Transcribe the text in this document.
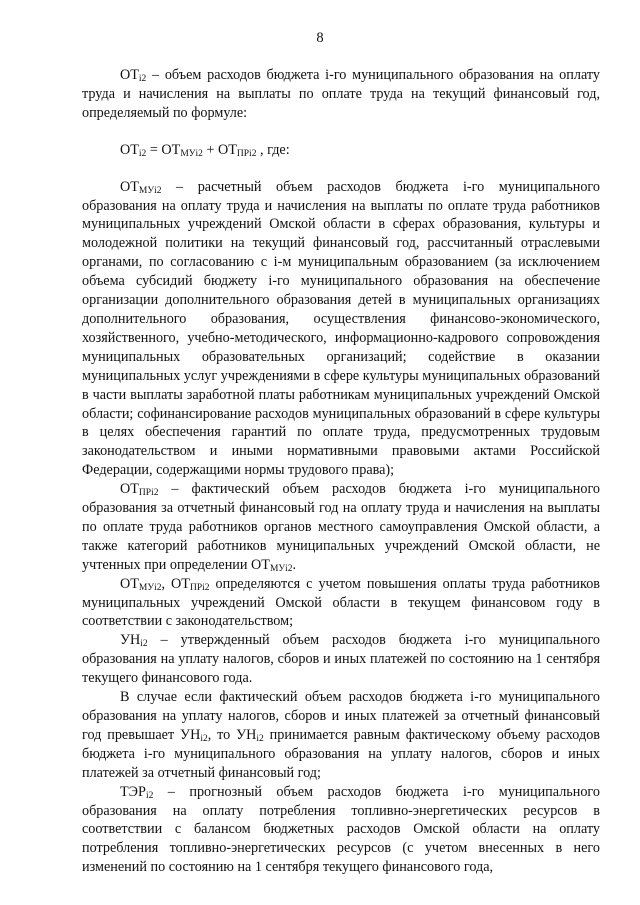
8

$ОТ_{i2}$ – объем расходов бюджета i-го муниципального образования на оплату труда и начисления на выплаты по оплате труда на текущий финансовый год, определяемый по формуле:

$ОТ_{i2} = ОТ_{МУi2} + ОТ_{ПРi2}$ , где:

$ОТ_{МУi2}$ – расчетный объем расходов бюджета i-го муниципального образования на оплату труда и начисления на выплаты по оплате труда работников муниципальных учреждений Омской области в сферах образования, культуры и молодежной политики на текущий финансовый год, рассчитанный отраслевыми органами, по согласованию с i-м муниципальным образованием (за исключением объема субсидий бюджету i-го муниципального образования на обеспечение организации дополнительного образования детей в муниципальных организациях дополнительного образования, осуществления финансово-экономического, хозяйственного, учебно-методического, информационно-кадрового сопровождения муниципальных образовательных организаций; содействие в оказании муниципальных услуг учреждениями в сфере культуры муниципальных образований в части выплаты заработной платы работникам муниципальных учреждений Омской области; софинансирование расходов муниципальных образований в сфере культуры в целях обеспечения гарантий по оплате труда, предусмотренных трудовым законодательством и иными нормативными правовыми актами Российской Федерации, содержащими нормы трудового права);

$ОТ_{ПРi2}$ – фактический объем расходов бюджета i-го муниципального образования за отчетный финансовый год на оплату труда и начисления на выплаты по оплате труда работников органов местного самоуправления Омской области, а также категорий работников муниципальных учреждений Омской области, не учтенных при определении $ОТ_{МУi2}$.

$ОТ_{МУi2}$, $ОТ_{ПРi2}$ определяются с учетом повышения оплаты труда работников муниципальных учреждений Омской области в текущем финансовом году в соответствии с законодательством;

$УН_{i2}$ – утвержденный объем расходов бюджета i-го муниципального образования на уплату налогов, сборов и иных платежей по состоянию на 1 сентября текущего финансового года.

В случае если фактический объем расходов бюджета i-го муниципального образования на уплату налогов, сборов и иных платежей за отчетный финансовый год превышает $УН_{i2}$, то $УН_{i2}$ принимается равным фактическому объему расходов бюджета i-го муниципального образования на уплату налогов, сборов и иных платежей за отчетный финансовый год;

$ТЭР_{i2}$ – прогнозный объем расходов бюджета i-го муниципального образования на оплату потребления топливно-энергетических ресурсов в соответствии с балансом бюджетных расходов Омской области на оплату потребления топливно-энергетических ресурсов (с учетом внесенных в него изменений по состоянию на 1 сентября текущего финансового года,
